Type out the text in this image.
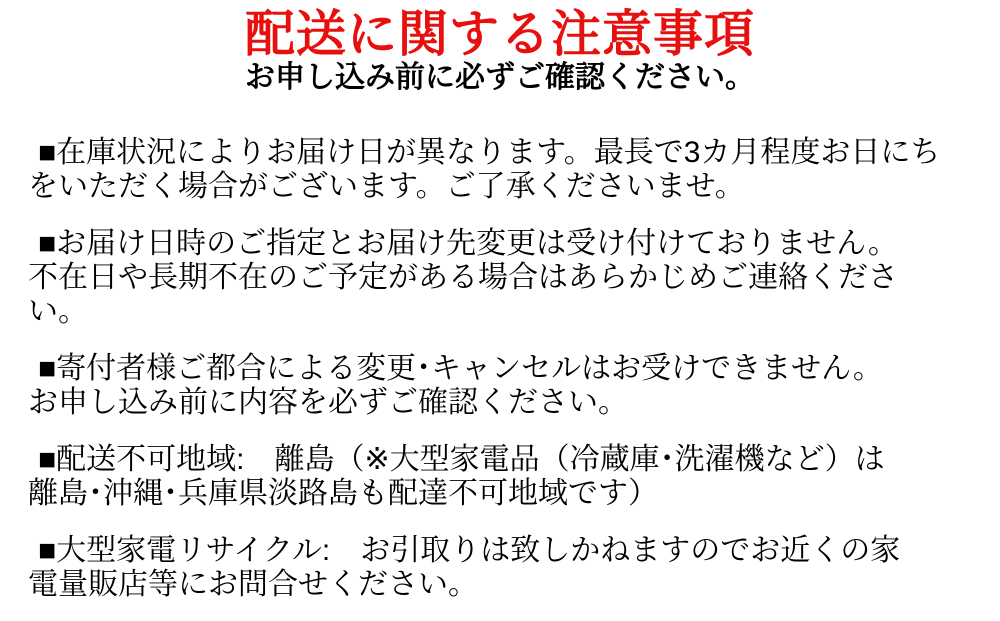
配送に関する注意事項
お申し込み前に必ずご確認ください。

■在庫状況によりお届け日が異なります。最長で3カ月程度お日にち
をいただく場合がございます。ご了承くださいませ。

■お届け日時のご指定とお届け先変更は受け付けておりません。
不在日や長期不在のご予定がある場合はあらかじめご連絡くださ
い。

■寄付者様ご都合による変更･キャンセルはお受けできません。
お申し込み前に内容を必ずご確認ください。

■配送不可地域:　離島（※大型家電品（冷蔵庫･洗濯機など）は
離島･沖縄･兵庫県淡路島も配達不可地域です）

■大型家電リサイクル:　お引取りは致しかねますのでお近くの家
電量販店等にお問合せください。
